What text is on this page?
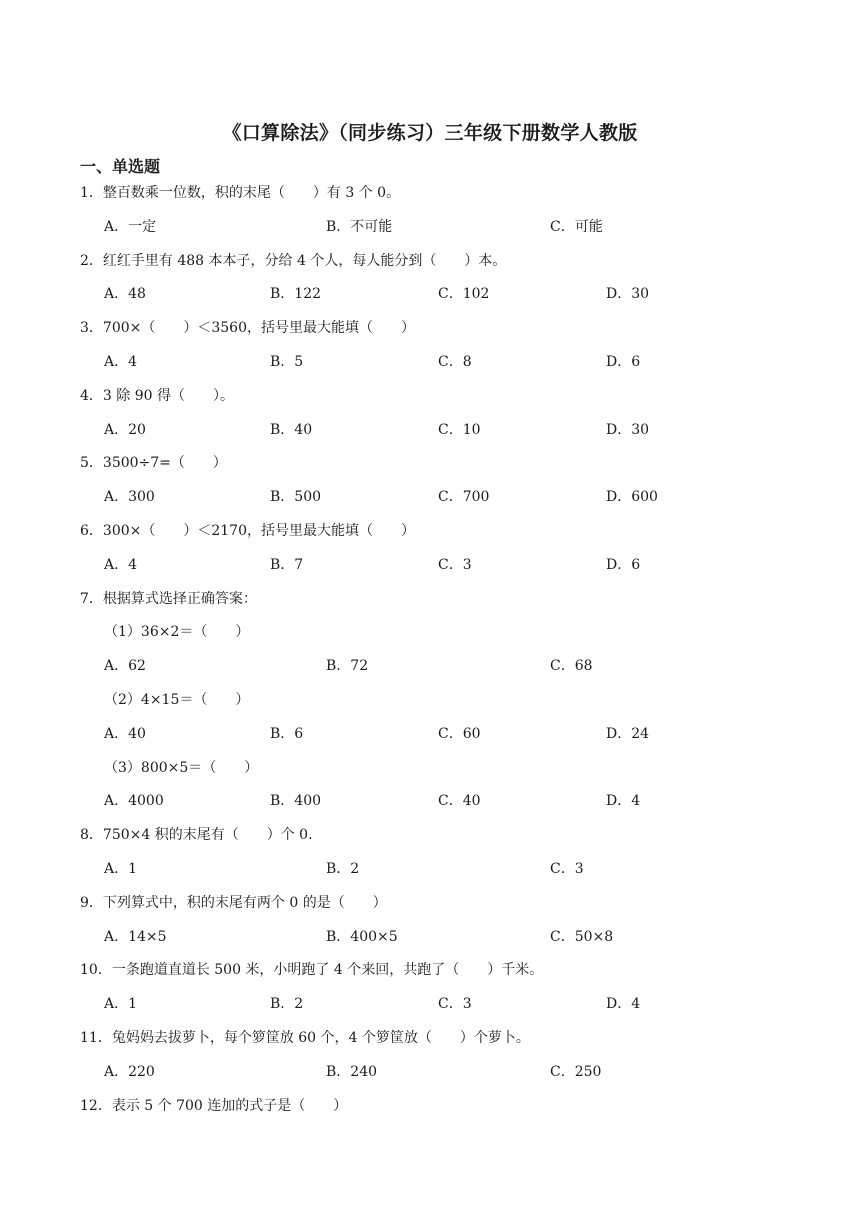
《口算除法》（同步练习）三年级下册数学人教版
一、单选题
1．整百数乘一位数，积的末尾（　　）有 3 个 0。
A．一定	B．不可能	C．可能
2．红红手里有 488 本本子，分给 4 个人，每人能分到（　　）本。
A．48	B．122	C．102	D．30
3．700×（　　）＜3560，括号里最大能填（　　）
A．4	B．5	C．8	D．6
4．3 除 90 得（　　）。
A．20	B．40	C．10	D．30
5．3500÷7=（　　）
A．300	B．500	C．700	D．600
6．300×（　　）＜2170，括号里最大能填（　　）
A．4	B．7	C．3	D．6
7．根据算式选择正确答案：
（1）36×2＝（　　）
A．62	B．72	C．68
（2）4×15＝（　　）
A．40	B．6	C．60	D．24
（3）800×5＝（　　）
A．4000	B．400	C．40	D．4
8．750×4 积的末尾有（　　）个 0.
A．1	B．2	C．3
9．下列算式中，积的末尾有两个 0 的是（　　）
A．14×5	B．400×5	C．50×8
10．一条跑道直道长 500 米，小明跑了 4 个来回，共跑了（　　）千米。
A．1	B．2	C．3	D．4
11．兔妈妈去拔萝卜，每个箩筐放 60 个，4 个箩筐放（　　）个萝卜。
A．220	B．240	C．250
12．表示 5 个 700 连加的式子是（　　）
